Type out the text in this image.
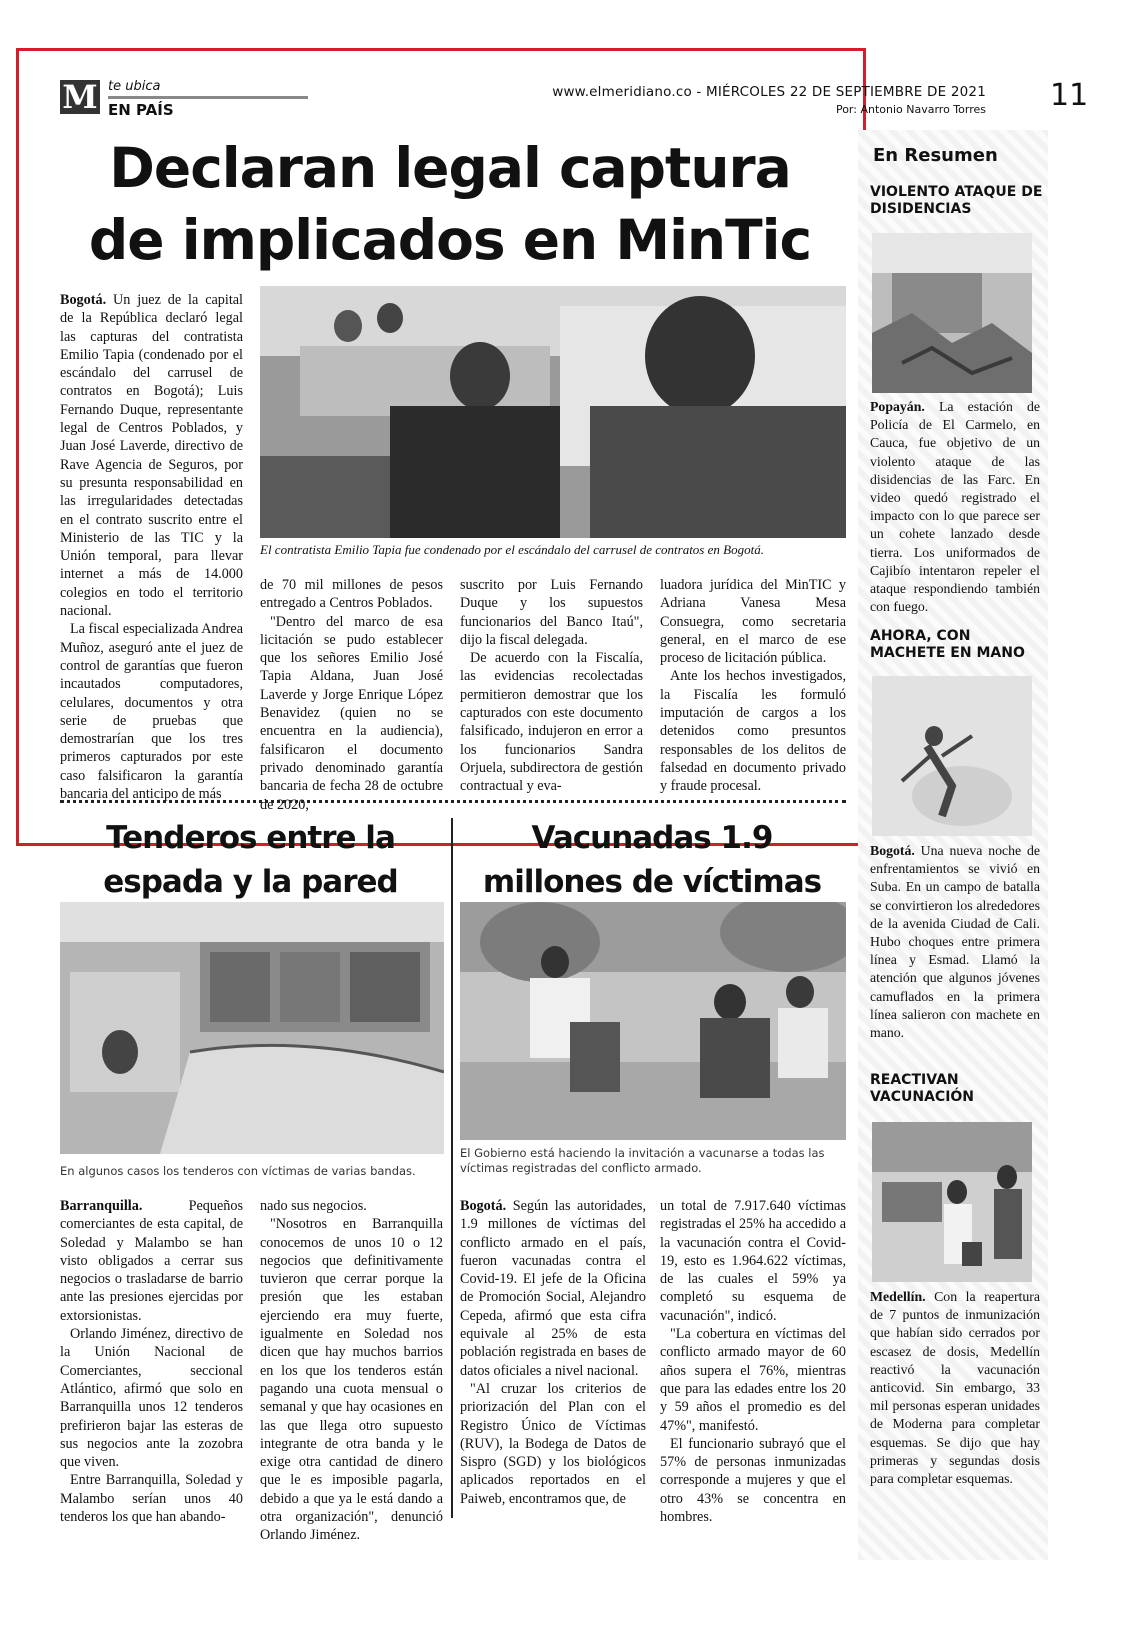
M te ubica
EN PAÍS
www.elmeridiano.co - MIÉRCOLES 22 DE SEPTIEMBRE DE 2021
Por: Antonio Navarro Torres 11
Declaran legal captura
de implicados en MinTic
El contratista Emilio Tapia fue condenado por el escándalo del carrusel de contratos en Bogotá.

Bogotá. Un juez de la capital de la República declaró legal las capturas del contratista Emilio Tapia (condenado por el escándalo del carrusel de contratos en Bogotá); Luis Fernando Duque, representante legal de Centros Poblados, y Juan José Laverde, directivo de Rave Agencia de Seguros, por su presunta responsabilidad en las irregularidades detectadas en el contrato suscrito entre el Ministerio de las TIC y la Unión temporal, para llevar internet a más de 14.000 colegios en todo el territorio nacional.

La fiscal especializada Andrea Muñoz, aseguró ante el juez de control de garantías que fueron incautados computadores, celulares, documentos y otra serie de pruebas que demostrarían que los tres primeros capturados por este caso falsificaron la garantía bancaria del anticipo de más

de 70 mil millones de pesos entregado a Centros Poblados.

"Dentro del marco de esa licitación se pudo establecer que los señores Emilio José Tapia Aldana, Juan José Laverde y Jorge Enrique López Benavidez (quien no se encuentra en la audiencia), falsificaron el documento privado denominado garantía bancaria de fecha 28 de octubre de 2020,

suscrito por Luis Fernando Duque y los supuestos funcionarios del Banco Itaú", dijo la fiscal delegada.

De acuerdo con la Fiscalía, las evidencias recolectadas permitieron demostrar que los capturados con este documento falsificado, indujeron en error a los funcionarios Sandra Orjuela, subdirectora de gestión contractual y eva-

luadora jurídica del MinTIC y Adriana Vanesa Mesa Consuegra, como secretaria general, en el marco de ese proceso de licitación pública.

Ante los hechos investigados, la Fiscalía les formuló imputación de cargos a los detenidos como presuntos responsables de los delitos de falsedad en documento privado y fraude procesal.

Tenderos entre la
espada y la pared
En algunos casos los tenderos con víctimas de varias bandas.

Barranquilla.	Pequeños comerciantes de esta capital, de Soledad y Malambo se han visto obligados a cerrar sus negocios o trasladarse de barrio ante las presiones ejercidas por extorsionistas.

Orlando Jiménez, directivo de la Unión Nacional de Comerciantes, seccional Atlántico, afirmó que solo en Barranquilla unos 12 tenderos prefirieron bajar las esteras de sus negocios ante la zozobra que viven.

Entre Barranquilla, Soledad y Malambo serían unos 40 tenderos los que han abando-

nado sus negocios.

"Nosotros en Barranquilla conocemos de unos 10 o 12 negocios que definitivamente tuvieron que cerrar porque la presión que les estaban ejerciendo era muy fuerte, igualmente en Soledad nos dicen que hay muchos barrios en los que los tenderos están pagando una cuota mensual o semanal y que hay ocasiones en las que llega otro supuesto integrante de otra banda y le exige otra cantidad de dinero que le es imposible pagarla, debido a que ya le está dando a otra organización", denunció Orlando Jiménez.

Vacunadas 1.9
millones de víctimas
El Gobierno está haciendo la invitación a vacunarse a todas las víctimas registradas del conflicto armado.

Bogotá. Según las autoridades, 1.9 millones de víctimas del conflicto armado en el país, fueron vacunadas contra el Covid-19. El jefe de la Oficina de Promoción Social, Alejandro Cepeda, afirmó que esta cifra equivale al 25% de esta población registrada en bases de datos oficiales a nivel nacional.

"Al cruzar los criterios de priorización del Plan con el Registro Único de Víctimas (RUV), la Bodega de Datos de Sispro (SGD) y los biológicos aplicados reportados en el Paiweb, encontramos que, de

un total de 7.917.640 víctimas registradas el 25% ha accedido a la vacunación contra el Covid-19, esto es 1.964.622 víctimas, de las cuales el 59% ya completó su esquema de vacunación", indicó.

"La cobertura en víctimas del conflicto armado mayor de 60 años supera el 76%, mientras que para las edades entre los 20 y 59 años el promedio es del 47%", manifestó.

El funcionario subrayó que el 57% de personas inmunizadas corresponde a mujeres y que el otro 43% se concentra en hombres.

En Resumen
VIOLENTO ATAQUE DE DISIDENCIAS
Popayán. La estación de Policía de El Carmelo, en Cauca, fue objetivo de un violento ataque de las disidencias de las Farc. En video quedó registrado el impacto con lo que parece ser un cohete lanzado desde tierra. Los uniformados de Cajibío intentaron repeler el ataque respondiendo también con fuego.
AHORA, CON MACHETE EN MANO
Bogotá. Una nueva noche de enfrentamientos se vivió en Suba. En un campo de batalla se convirtieron los alrededores de la avenida Ciudad de Cali. Hubo choques entre primera línea y Esmad. Llamó la atención que algunos jóvenes camuflados en la primera línea salieron con machete en mano.
REACTIVAN VACUNACIÓN
Medellín. Con la reapertura de 7 puntos de inmunización que habían sido cerrados por escasez de dosis, Medellín reactivó la vacunación anticovid. Sin embargo, 33 mil personas esperan unidades de Moderna para completar esquemas. Se dijo que hay primeras y segundas dosis para completar esquemas.
